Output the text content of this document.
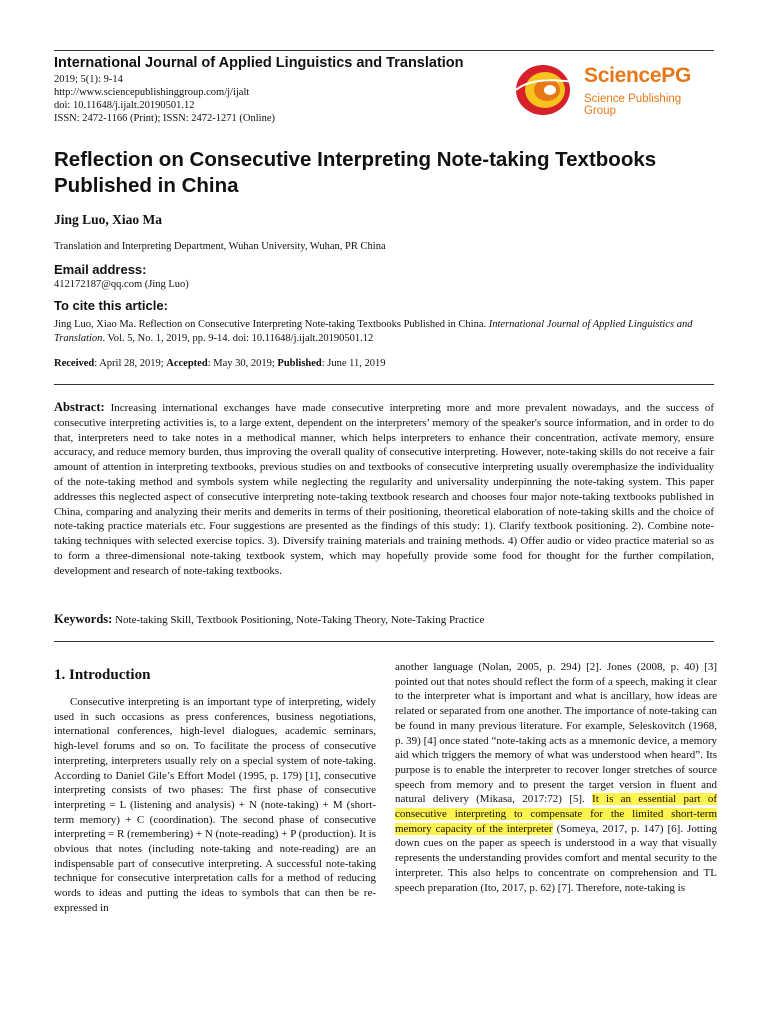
International Journal of Applied Linguistics and Translation
2019; 5(1): 9-14
http://www.sciencepublishinggroup.com/j/ijalt
doi: 10.11648/j.ijalt.20190501.12
ISSN: 2472-1166 (Print); ISSN: 2472-1271 (Online)
SciencePG
Science Publishing Group
Reflection on Consecutive Interpreting Note-taking Textbooks Published in China
Jing Luo, Xiao Ma
Translation and Interpreting Department, Wuhan University, Wuhan, PR China
Email address:
412172187@qq.com (Jing Luo)
To cite this article:
Jing Luo, Xiao Ma. Reflection on Consecutive Interpreting Note-taking Textbooks Published in China. International Journal of Applied Linguistics and Translation. Vol. 5, No. 1, 2019, pp. 9-14. doi: 10.11648/j.ijalt.20190501.12
Received: April 28, 2019; Accepted: May 30, 2019; Published: June 11, 2019
Abstract: Increasing international exchanges have made consecutive interpreting more and more prevalent nowadays, and the success of consecutive interpreting activities is, to a large extent, dependent on the interpreters’ memory of the speaker's source information, and in order to do that, interpreters need to take notes in a methodical manner, which helps interpreters to enhance their concentration, activate memory, ensure accuracy, and reduce memory burden, thus improving the overall quality of consecutive interpreting. However, note-taking skills do not receive a fair amount of attention in interpreting textbooks, previous studies on and textbooks of consecutive interpreting usually overemphasize the individuality of the note-taking method and symbols system while neglecting the regularity and universality underpinning the note-taking system. This paper addresses this neglected aspect of consecutive interpreting note-taking textbook research and chooses four major note-taking textbooks published in China, comparing and analyzing their merits and demerits in terms of their positioning, theoretical elaboration of note-taking skills and the choice of note-taking practice materials etc. Four suggestions are presented as the findings of this study: 1). Clarify textbook positioning. 2). Combine note-taking techniques with selected exercise topics. 3). Diversify training materials and training methods. 4) Offer audio or video practice material so as to form a three-dimensional note-taking textbook system, which may hopefully provide some food for thought for the further compilation, development and research of note-taking textbooks.
Keywords: Note-taking Skill, Textbook Positioning, Note-Taking Theory, Note-Taking Practice
1. Introduction
Consecutive interpreting is an important type of interpreting, widely used in such occasions as press conferences, business negotiations, international conferences, high-level dialogues, academic seminars, high-level forums and so on. To facilitate the process of consecutive interpreting, interpreters usually rely on a special system of note-taking. According to Daniel Gile’s Effort Model (1995, p. 179) [1], consecutive interpreting consists of two phases: The first phase of consecutive interpreting = L (listening and analysis) + N (note-taking) + M (short-term memory) + C (coordination). The second phase of consecutive interpreting = R (remembering) + N (note-reading) + P (production). It is obvious that notes (including note-taking and note-reading) are an indispensable part of consecutive interpreting. A successful note-taking technique for consecutive interpretation calls for a method of reducing words to ideas and putting the ideas to symbols that can then be re-expressed in
another language (Nolan, 2005, p. 294) [2]. Jones (2008, p. 40) [3] pointed out that notes should reflect the form of a speech, making it clear to the interpreter what is important and what is ancillary, how ideas are related or separated from one another. The importance of note-taking can be found in many previous literature. For example, Seleskovitch (1968, p. 39) [4] once stated “note-taking acts as a mnemonic device, a memory aid which triggers the memory of what was understood when heard”. Its purpose is to enable the interpreter to recover longer stretches of source speech from memory and to present the target version in fluent and natural delivery (Mikasa, 2017:72) [5]. It is an essential part of consecutive interpreting to compensate for the limited short-term memory capacity of the interpreter (Someya, 2017, p. 147) [6]. Jotting down cues on the paper as speech is understood in a way that visually represents the understanding provides comfort and mental security to the interpreter. This also helps to concentrate on comprehension and TL speech preparation (Ito, 2017, p. 62) [7]. Therefore, note-taking is
